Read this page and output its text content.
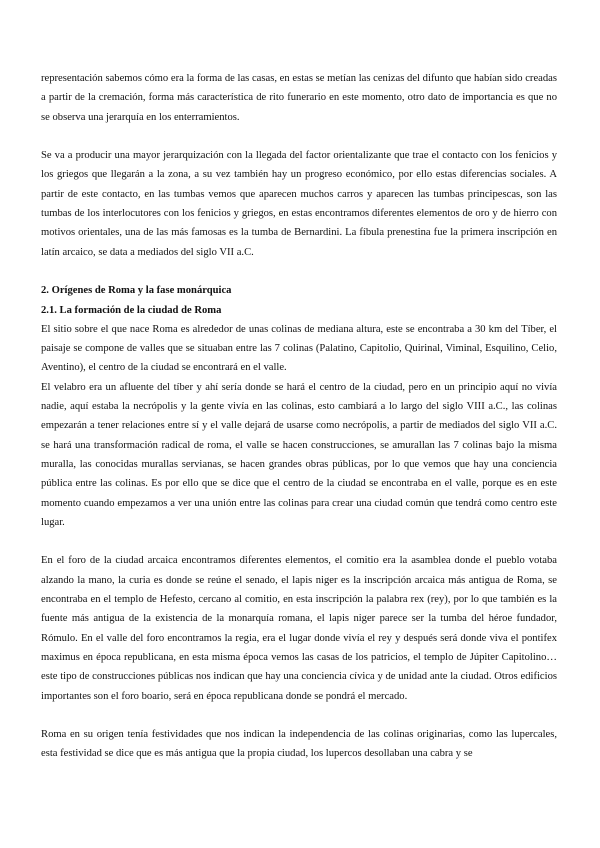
representación sabemos cómo era la forma de las casas, en estas se metían las cenizas del difunto que habían sido creadas a partir de la cremación, forma más característica de rito funerario en este momento, otro dato de importancia es que no se observa una jerarquía en los enterramientos.

Se va a producir una mayor jerarquización con la llegada del factor orientalizante que trae el contacto con los fenicios y los griegos que llegarán a la zona, a su vez también hay un progreso económico, por ello estas diferencias sociales. A partir de este contacto, en las tumbas vemos que aparecen muchos carros y aparecen las tumbas principescas, son las tumbas de los interlocutores con los fenicios y griegos, en estas encontramos diferentes elementos de oro y de hierro con motivos orientales, una de las más famosas es la tumba de Bernardini. La fíbula prenestina fue la primera inscripción en latín arcaico, se data a mediados del siglo VII a.C.

2. Orígenes de Roma y la fase monárquica

2.1. La formación de la ciudad de Roma

El sitio sobre el que nace Roma es alrededor de unas colinas de mediana altura, este se encontraba a 30 km del Tíber, el paisaje se compone de valles que se situaban entre las 7 colinas (Palatino, Capitolio, Quirinal, Viminal, Esquilino, Celio, Aventino), el centro de la ciudad se encontrará en el valle.

El velabro era un afluente del tíber y ahí sería donde se hará el centro de la ciudad, pero en un principio aquí no vivía nadie, aquí estaba la necrópolis y la gente vivía en las colinas, esto cambiará a lo largo del siglo VIII a.C., las colinas empezarán a tener relaciones entre sí y el valle dejará de usarse como necrópolis, a partir de mediados del siglo VII a.C. se hará una transformación radical de roma, el valle se hacen construcciones, se amurallan las 7 colinas bajo la misma muralla, las conocidas murallas servianas, se hacen grandes obras públicas, por lo que vemos que hay una conciencia pública entre las colinas. Es por ello que se dice que el centro de la ciudad se encontraba en el valle, porque es en este momento cuando empezamos a ver una unión entre las colinas para crear una ciudad común que tendrá como centro este lugar.

En el foro de la ciudad arcaica encontramos diferentes elementos, el comitio era la asamblea donde el pueblo votaba alzando la mano, la curia es donde se reúne el senado, el lapis niger es la inscripción arcaica más antigua de Roma, se encontraba en el templo de Hefesto, cercano al comitio, en esta inscripción la palabra rex (rey), por lo que también es la fuente más antigua de la existencia de la monarquía romana, el lapis niger parece ser la tumba del héroe fundador, Rómulo. En el valle del foro encontramos la regia, era el lugar donde vivía el rey y después será donde viva el pontifex maximus en época republicana, en esta misma época vemos las casas de los patricios, el templo de Júpiter Capitolino… este tipo de construcciones públicas nos indican que hay una conciencia cívica y de unidad ante la ciudad. Otros edificios importantes son el foro boario, será en época republicana donde se pondrá el mercado.

Roma en su origen tenía festividades que nos indican la independencia de las colinas originarias, como las lupercales, esta festividad se dice que es más antigua que la propia ciudad, los lupercos desollaban una cabra y se
